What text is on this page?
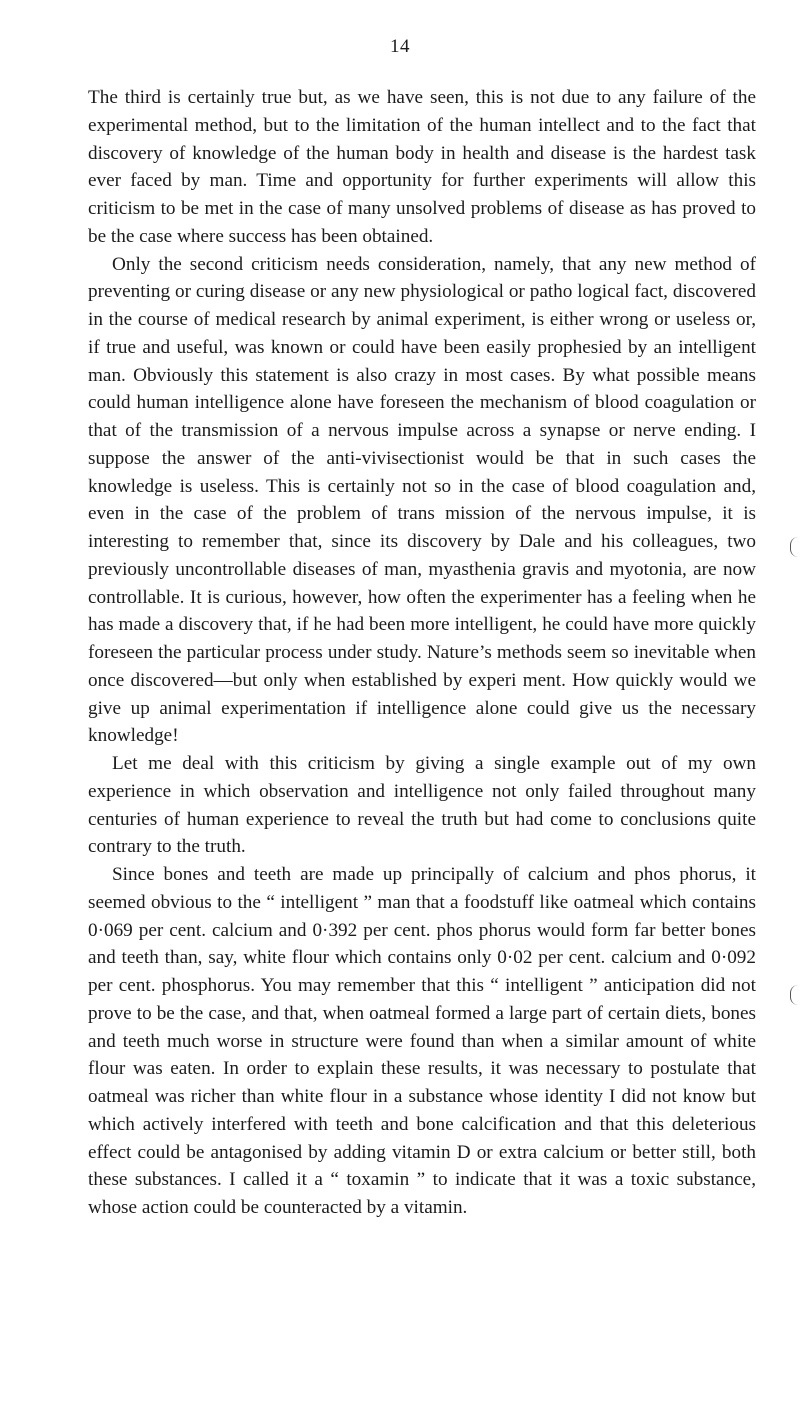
14

The third is certainly true but, as we have seen, this is not due to any failure of the experimental method, but to the limitation of the human intellect and to the fact that discovery of knowledge of the human body in health and disease is the hardest task ever faced by man. Time and opportunity for further experiments will allow this criticism to be met in the case of many unsolved problems of disease as has proved to be the case where success has been obtained.

Only the second criticism needs consideration, namely, that any new method of preventing or curing disease or any new physiological or patho logical fact, discovered in the course of medical research by animal experiment, is either wrong or useless or, if true and useful, was known or could have been easily prophesied by an intelligent man. Obviously this statement is also crazy in most cases. By what possible means could human intelligence alone have foreseen the mechanism of blood coagulation or that of the transmission of a nervous impulse across a synapse or nerve ending. I suppose the answer of the anti-vivisectionist would be that in such cases the knowledge is useless. This is certainly not so in the case of blood coagulation and, even in the case of the problem of trans mission of the nervous impulse, it is interesting to remember that, since its discovery by Dale and his colleagues, two previously uncontrollable diseases of man, myasthenia gravis and myotonia, are now controllable. It is curious, however, how often the experimenter has a feeling when he has made a discovery that, if he had been more intelligent, he could have more quickly foreseen the particular process under study. Nature’s methods seem so inevitable when once discovered—but only when established by experi ment. How quickly would we give up animal experimentation if intelligence alone could give us the necessary knowledge!

Let me deal with this criticism by giving a single example out of my own experience in which observation and intelligence not only failed throughout many centuries of human experience to reveal the truth but had come to conclusions quite contrary to the truth.

Since bones and teeth are made up principally of calcium and phos phorus, it seemed obvious to the “ intelligent ” man that a foodstuff like oatmeal which contains 0·069 per cent. calcium and 0·392 per cent. phos phorus would form far better bones and teeth than, say, white flour which contains only 0·02 per cent. calcium and 0·092 per cent. phosphorus. You may remember that this “ intelligent ” anticipation did not prove to be the case, and that, when oatmeal formed a large part of certain diets, bones and teeth much worse in structure were found than when a similar amount of white flour was eaten. In order to explain these results, it was necessary to postulate that oatmeal was richer than white flour in a substance whose identity I did not know but which actively interfered with teeth and bone calcification and that this deleterious effect could be antagonised by adding vitamin D or extra calcium or better still, both these substances. I called it a “ toxamin ” to indicate that it was a toxic substance, whose action could be counteracted by a vitamin.
